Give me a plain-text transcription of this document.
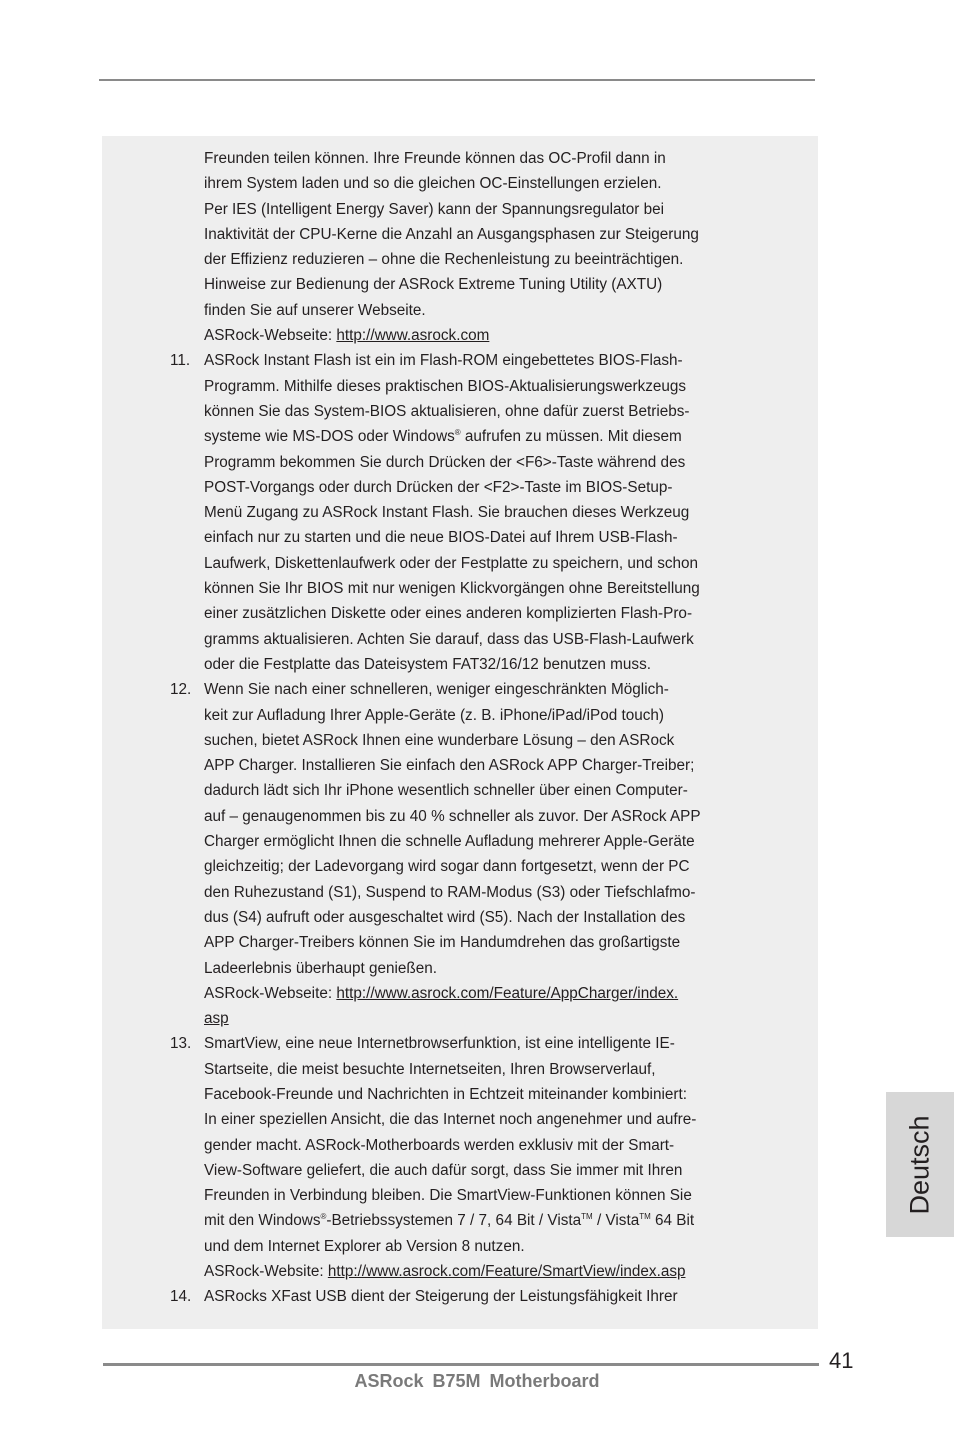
Freunden teilen können. Ihre Freunde können das OC-Profil dann in
ihrem System laden und so die gleichen OC-Einstellungen erzielen.
Per IES (Intelligent Energy Saver) kann der Spannungsregulator bei
Inaktivität der CPU-Kerne die Anzahl an Ausgangsphasen zur Steigerung
der Effizienz reduzieren – ohne die Rechenleistung zu beeinträchtigen.
Hinweise zur Bedienung der ASRock Extreme Tuning Utility (AXTU)
finden Sie auf unserer Webseite.
ASRock-Webseite: http://www.asrock.com
11. ASRock Instant Flash ist ein im Flash-ROM eingebettetes BIOS-Flash-
Programm. Mithilfe dieses praktischen BIOS-Aktualisierungswerkzeugs
können Sie das System-BIOS aktualisieren, ohne dafür zuerst Betriebs-
systeme wie MS-DOS oder Windows® aufrufen zu müssen. Mit diesem
Programm bekommen Sie durch Drücken der <F6>-Taste während des
POST-Vorgangs oder durch Drücken der <F2>-Taste im BIOS-Setup-
Menü Zugang zu ASRock Instant Flash. Sie brauchen dieses Werkzeug
einfach nur zu starten und die neue BIOS-Datei auf Ihrem USB-Flash-
Laufwerk, Diskettenlaufwerk oder der Festplatte zu speichern, und schon
können Sie Ihr BIOS mit nur wenigen Klickvorgängen ohne Bereitstellung
einer zusätzlichen Diskette oder eines anderen komplizierten Flash-Pro-
gramms aktualisieren. Achten Sie darauf, dass das USB-Flash-Laufwerk
oder die Festplatte das Dateisystem FAT32/16/12 benutzen muss.
12. Wenn Sie nach einer schnelleren, weniger eingeschränkten Möglich-
keit zur Aufladung Ihrer Apple-Geräte (z. B. iPhone/iPad/iPod touch)
suchen, bietet ASRock Ihnen eine wunderbare Lösung – den ASRock
APP Charger. Installieren Sie einfach den ASRock APP Charger-Treiber;
dadurch lädt sich Ihr iPhone wesentlich schneller über einen Computer-
auf – genaugenommen bis zu 40 % schneller als zuvor. Der ASRock APP
Charger ermöglicht Ihnen die schnelle Aufladung mehrerer Apple-Geräte
gleichzeitig; der Ladevorgang wird sogar dann fortgesetzt, wenn der PC
den Ruhezustand (S1), Suspend to RAM-Modus (S3) oder Tiefschlafmo-
dus (S4) aufruft oder ausgeschaltet wird (S5). Nach der Installation des
APP Charger-Treibers können Sie im Handumdrehen das großartigste
Ladeerlebnis überhaupt genießen.
ASRock-Webseite: http://www.asrock.com/Feature/AppCharger/index.
asp
13. SmartView, eine neue Internetbrowserfunktion, ist eine intelligente IE-
Startseite, die meist besuchte Internetseiten, Ihren Browserverlauf,
Facebook-Freunde und Nachrichten in Echtzeit miteinander kombiniert:
In einer speziellen Ansicht, die das Internet noch angenehmer und aufre-
gender macht. ASRock-Motherboards werden exklusiv mit der Smart-
View-Software geliefert, die auch dafür sorgt, dass Sie immer mit Ihren
Freunden in Verbindung bleiben. Die SmartView-Funktionen können Sie
mit den Windows®-Betriebssystemen 7 / 7, 64 Bit / Vista™ / Vista™ 64 Bit
und dem Internet Explorer ab Version 8 nutzen.
ASRock-Website: http://www.asrock.com/Feature/SmartView/index.asp
14. ASRocks XFast USB dient der Steigerung der Leistungsfähigkeit Ihrer
Deutsch
41
ASRock B75M Motherboard
